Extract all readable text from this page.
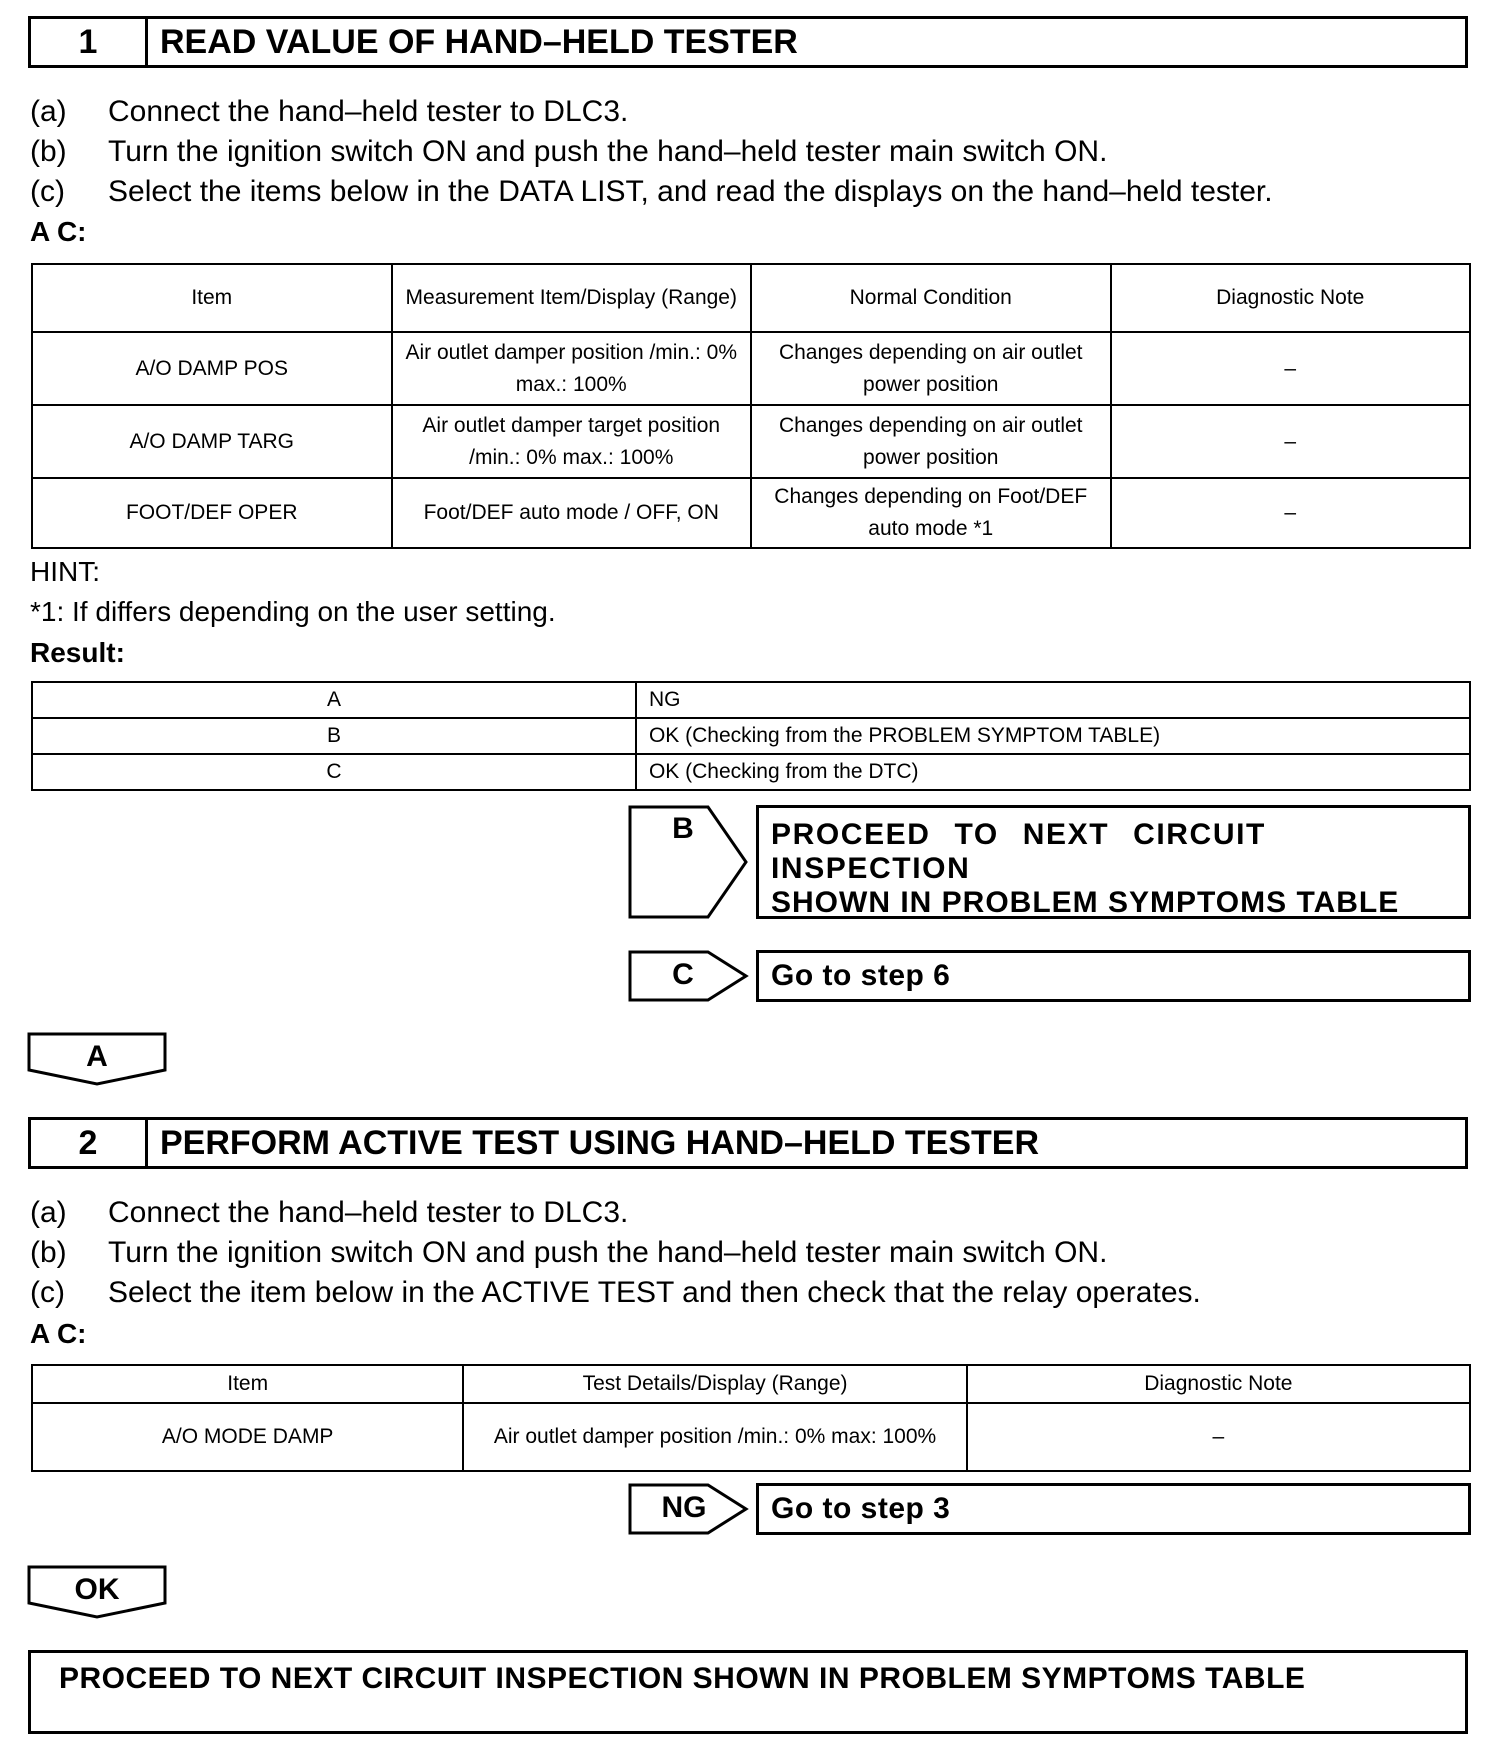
1	READ VALUE OF HAND–HELD TESTER
(a)	Connect the hand–held tester to DLC3.
(b)	Turn the ignition switch ON and push the hand–held tester main switch ON.
(c)	Select the items below in the DATA LIST, and read the displays on the hand–held tester.
A C:
Item	Measurement Item/Display (Range)	Normal Condition	Diagnostic Note
A/O DAMP POS	Air outlet damper position /min.: 0% max.: 100%	Changes depending on air outlet power position	–
A/O DAMP TARG	Air outlet damper target position /min.: 0% max.: 100%	Changes depending on air outlet power position	–
FOOT/DEF OPER	Foot/DEF auto mode / OFF, ON	Changes depending on Foot/DEF auto mode *1	–
HINT:
*1: If differs depending on the user setting.
Result:
A	NG
B	OK (Checking from the PROBLEM SYMPTOM TABLE)
C	OK (Checking from the DTC)
B	PROCEED TO NEXT CIRCUIT INSPECTION
SHOWN IN PROBLEM SYMPTOMS TABLE
C	Go to step 6
A
2	PERFORM ACTIVE TEST USING HAND–HELD TESTER
(a)	Connect the hand–held tester to DLC3.
(b)	Turn the ignition switch ON and push the hand–held tester main switch ON.
(c)	Select the item below in the ACTIVE TEST and then check that the relay operates.
A C:
Item	Test Details/Display (Range)	Diagnostic Note
A/O MODE DAMP	Air outlet damper position /min.: 0% max: 100%	–
NG	Go to step 3
OK
PROCEED TO NEXT CIRCUIT INSPECTION SHOWN IN PROBLEM SYMPTOMS TABLE
